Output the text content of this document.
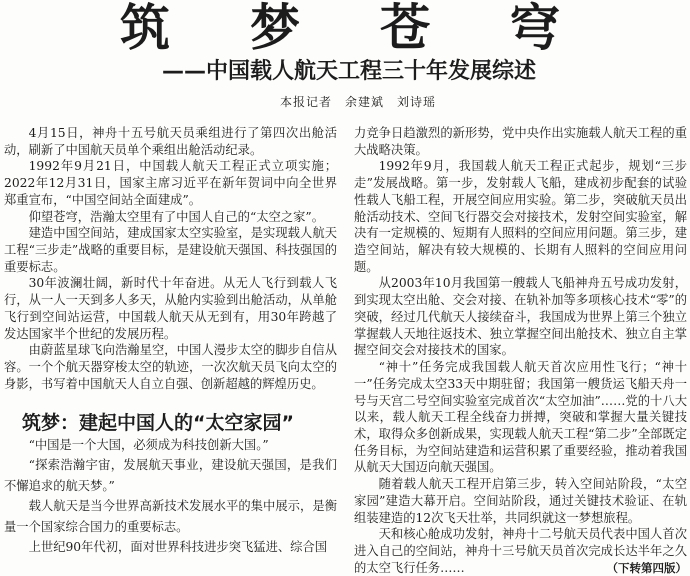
筑梦苍穹
——中国载人航天工程三十年发展综述
本报记者　余建斌　刘诗瑶

4月15日，神舟十五号航天员乘组进行了第四次出舱活动，刷新了中国航天员单个乘组出舱活动纪录。

1992年9月21日，中国载人航天工程正式立项实施；2022年12月31日，国家主席习近平在新年贺词中向全世界郑重宣布，“中国空间站全面建成”。

仰望苍穹，浩瀚太空里有了中国人自己的“太空之家”。

建造中国空间站，建成国家太空实验室，是实现载人航天工程“三步走”战略的重要目标，是建设航天强国、科技强国的重要标志。

30年波澜壮阔，新时代十年奋进。从无人飞行到载人飞行，从一人一天到多人多天，从舱内实验到出舱活动，从单舱飞行到空间站运营，中国载人航天从无到有，用30年跨越了发达国家半个世纪的发展历程。

由蔚蓝星球飞向浩瀚星空，中国人漫步太空的脚步自信从容。一个个航天器穿梭太空的轨迹，一次次航天员飞向太空的身影，书写着中国航天人自立自强、创新超越的辉煌历史。

筑梦：建起中国人的“太空家园”

“中国是一个大国，必须成为科技创新大国。”

“探索浩瀚宇宙，发展航天事业，建设航天强国，是我们不懈追求的航天梦。”

载人航天是当今世界高新技术发展水平的集中展示，是衡量一个国家综合国力的重要标志。

上世纪90年代初，面对世界科技进步突飞猛进、综合国

力竞争日趋激烈的新形势，党中央作出实施载人航天工程的重大战略决策。

1992年9月，我国载人航天工程正式起步，规划“三步走”发展战略。第一步，发射载人飞船，建成初步配套的试验性载人飞船工程，开展空间应用实验。第二步，突破航天员出舱活动技术、空间飞行器交会对接技术，发射空间实验室，解决有一定规模的、短期有人照料的空间应用问题。第三步，建造空间站，解决有较大规模的、长期有人照料的空间应用问题。

从2003年10月我国第一艘载人飞船神舟五号成功发射，到实现太空出舱、交会对接、在轨补加等多项核心技术“零”的突破，经过几代航天人接续奋斗，我国成为世界上第三个独立掌握载人天地往返技术、独立掌握空间出舱技术、独立自主掌握空间交会对接技术的国家。

“神十”任务完成我国载人航天首次应用性飞行；“神十一”任务完成太空33天中期驻留；我国第一艘货运飞船天舟一号与天宫二号空间实验室完成首次“太空加油”……党的十八大以来，载人航天工程全线奋力拼搏，突破和掌握大量关键技术，取得众多创新成果，实现载人航天工程“第二步”全部既定任务目标，为空间站建造和运营积累了重要经验，推动着我国从航天大国迈向航天强国。

随着载人航天工程开启第三步，转入空间站阶段，“太空家园”建造大幕开启。空间站阶段，通过关键技术验证、在轨组装建造的12次飞天壮举，共同织就这一梦想旅程。

天和核心舱成功发射，神舟十二号航天员代表中国人首次进入自己的空间站，神舟十三号航天员首次完成长达半年之久的太空飞行任务……	（下转第四版）
